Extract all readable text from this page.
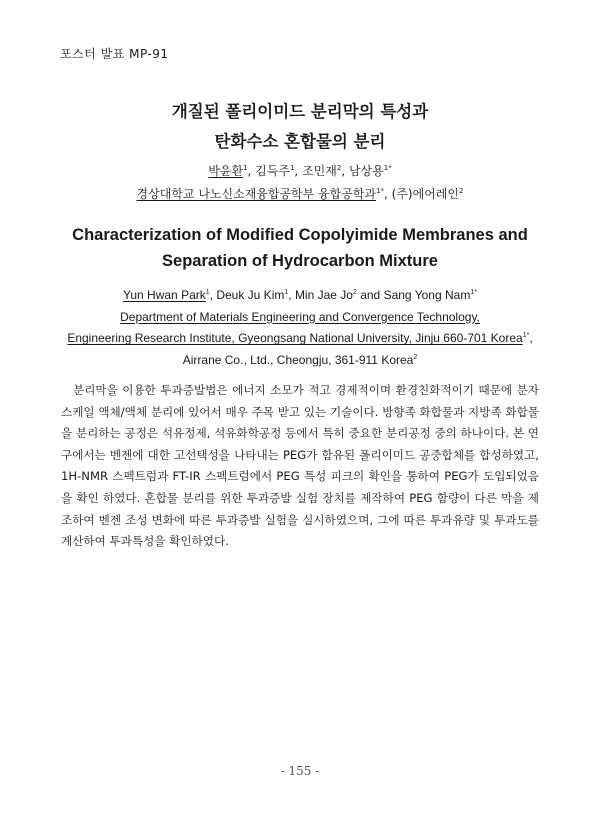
포스터 발표 MP-91
개질된 폴리이미드 분리막의 특성과
탄화수소 혼합물의 분리
박윤환$^1$, 김득주$^1$, 조민재$^2$, 남상용$^{1*}$
경상대학교 나노신소재융합공학부 융합공학과$^{1*}$, (주)에어레인$^2$
Characterization of Modified Copolyimide Membranes and
Separation of Hydrocarbon Mixture
Yun Hwan Park$^1$, Deuk Ju Kim$^1$, Min Jae Jo$^2$ and Sang Yong Nam$^{1*}$
Department of Materials Engineering and Convergence Technology,
Engineering Research Institute, Gyeongsang National University, Jinju 660-701 Korea$^{1*}$,
Airrane Co., Ltd., Cheongju, 361-911 Korea$^2$

분리막을 이용한 투과증발법은 에너지 소모가 적고 경제적이며 환경친화적이기 때문에 분자스케일 액체/액체 분리에 있어서 매우 주목 받고 있는 기술이다. 방향족 화합물과 지방족 화합물을 분리하는 공정은 석유정제, 석유화학공정 등에서 특히 중요한 분리공정 중의 하나이다. 본 연구에서는 벤젠에 대한 고선택성을 나타내는 PEG가 함유된 폴리이미드 공중합체를 합성하였고, 1H-NMR 스펙트럼과 FT-IR 스펙트럼에서 PEG 특성 피크의 확인을 통하여 PEG가 도입되었음을 확인 하였다. 혼합물 분리를 위한 투과증발 실험 장치를 제작하여 PEG 함량이 다른 막을 제조하여 벤젠 조성 변화에 따른 투과증발 실험을 실시하였으며, 그에 따른 투과유량 및 투과도를 계산하여 투과특성을 확인하였다.

- 155 -
